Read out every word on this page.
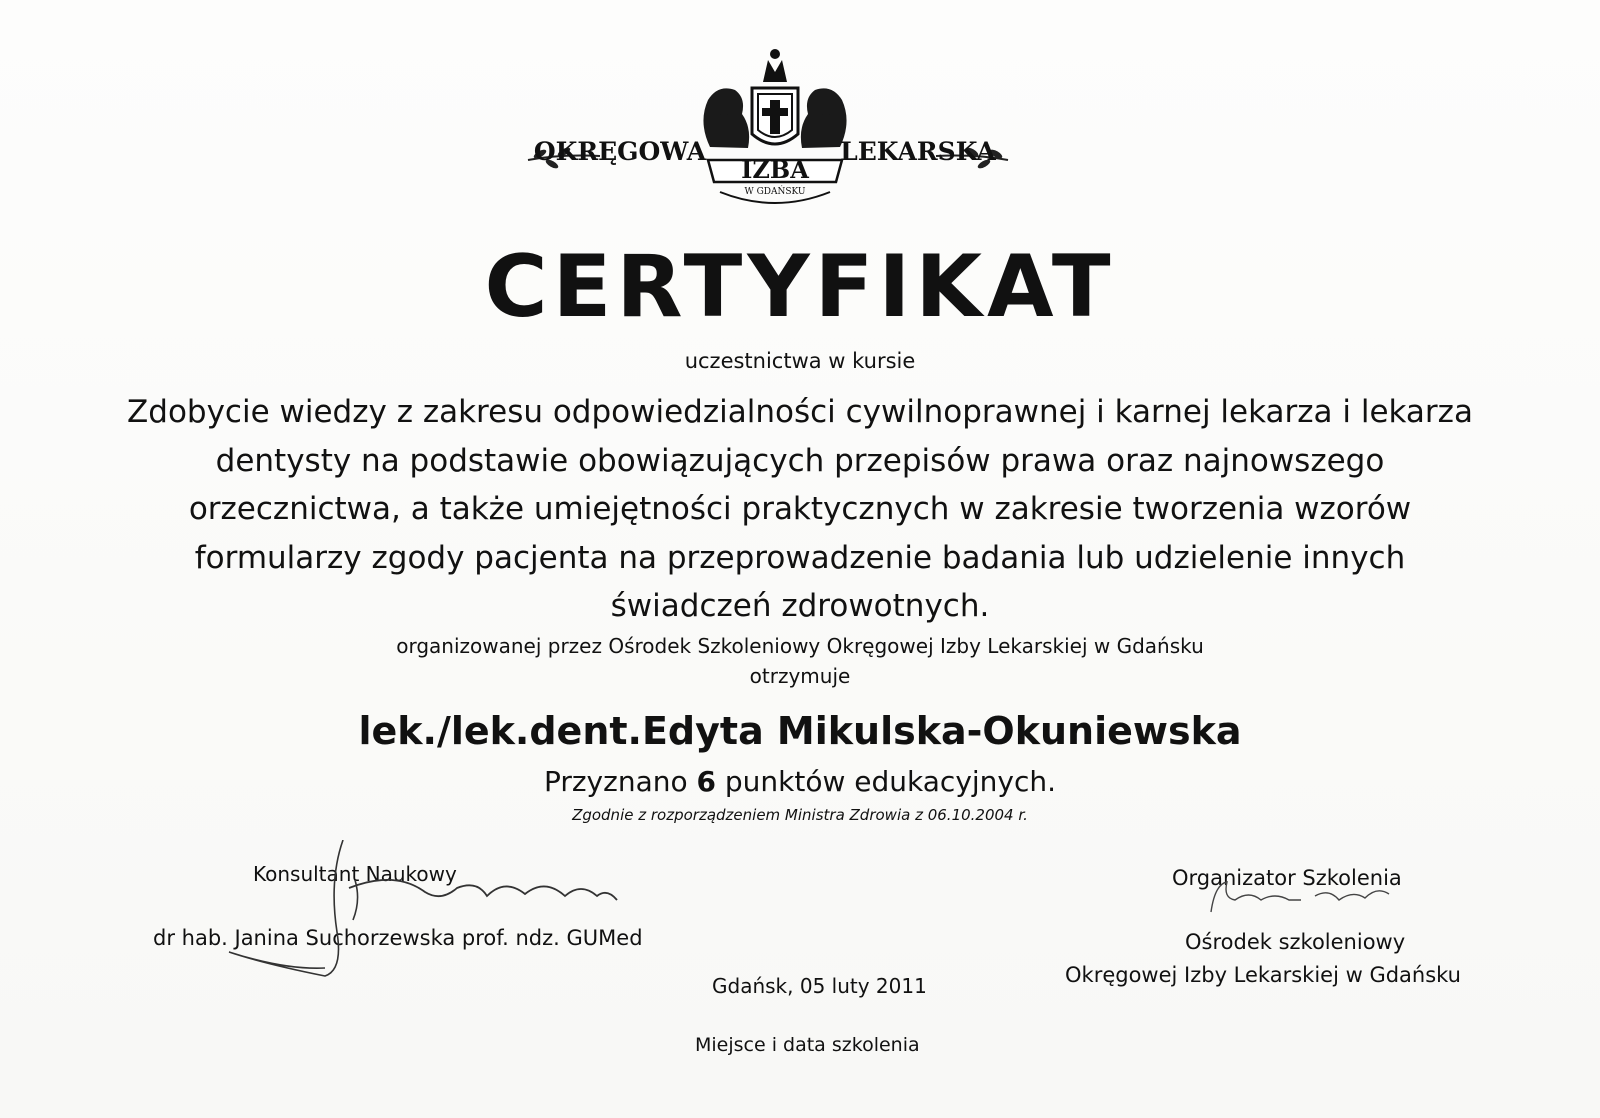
OKRĘGOWA
IZBA
W GDAŃSKU
LEKARSKA
CERTYFIKAT
uczestnictwa w kursie
Zdobycie wiedzy z zakresu odpowiedzialności cywilnoprawnej i karnej lekarza i lekarza
dentysty na podstawie obowiązujących przepisów prawa oraz najnowszego
orzecznictwa, a także umiejętności praktycznych w zakresie tworzenia wzorów
formularzy zgody pacjenta na przeprowadzenie badania lub udzielenie innych
świadczeń zdrowotnych.
organizowanej przez Ośrodek Szkoleniowy Okręgowej Izby Lekarskiej w Gdańsku
otrzymuje
lek./lek.dent.Edyta Mikulska-Okuniewska
Przyznano 6 punktów edukacyjnych.
Zgodnie z rozporządzeniem Ministra Zdrowia z 06.10.2004 r.
Konsultant Naukowy
dr hab. Janina Suchorzewska prof. ndz. GUMed
Organizator Szkolenia
Ośrodek szkoleniowy
Okręgowej Izby Lekarskiej w Gdańsku
Gdańsk, 05 luty 2011
Miejsce i data szkolenia
